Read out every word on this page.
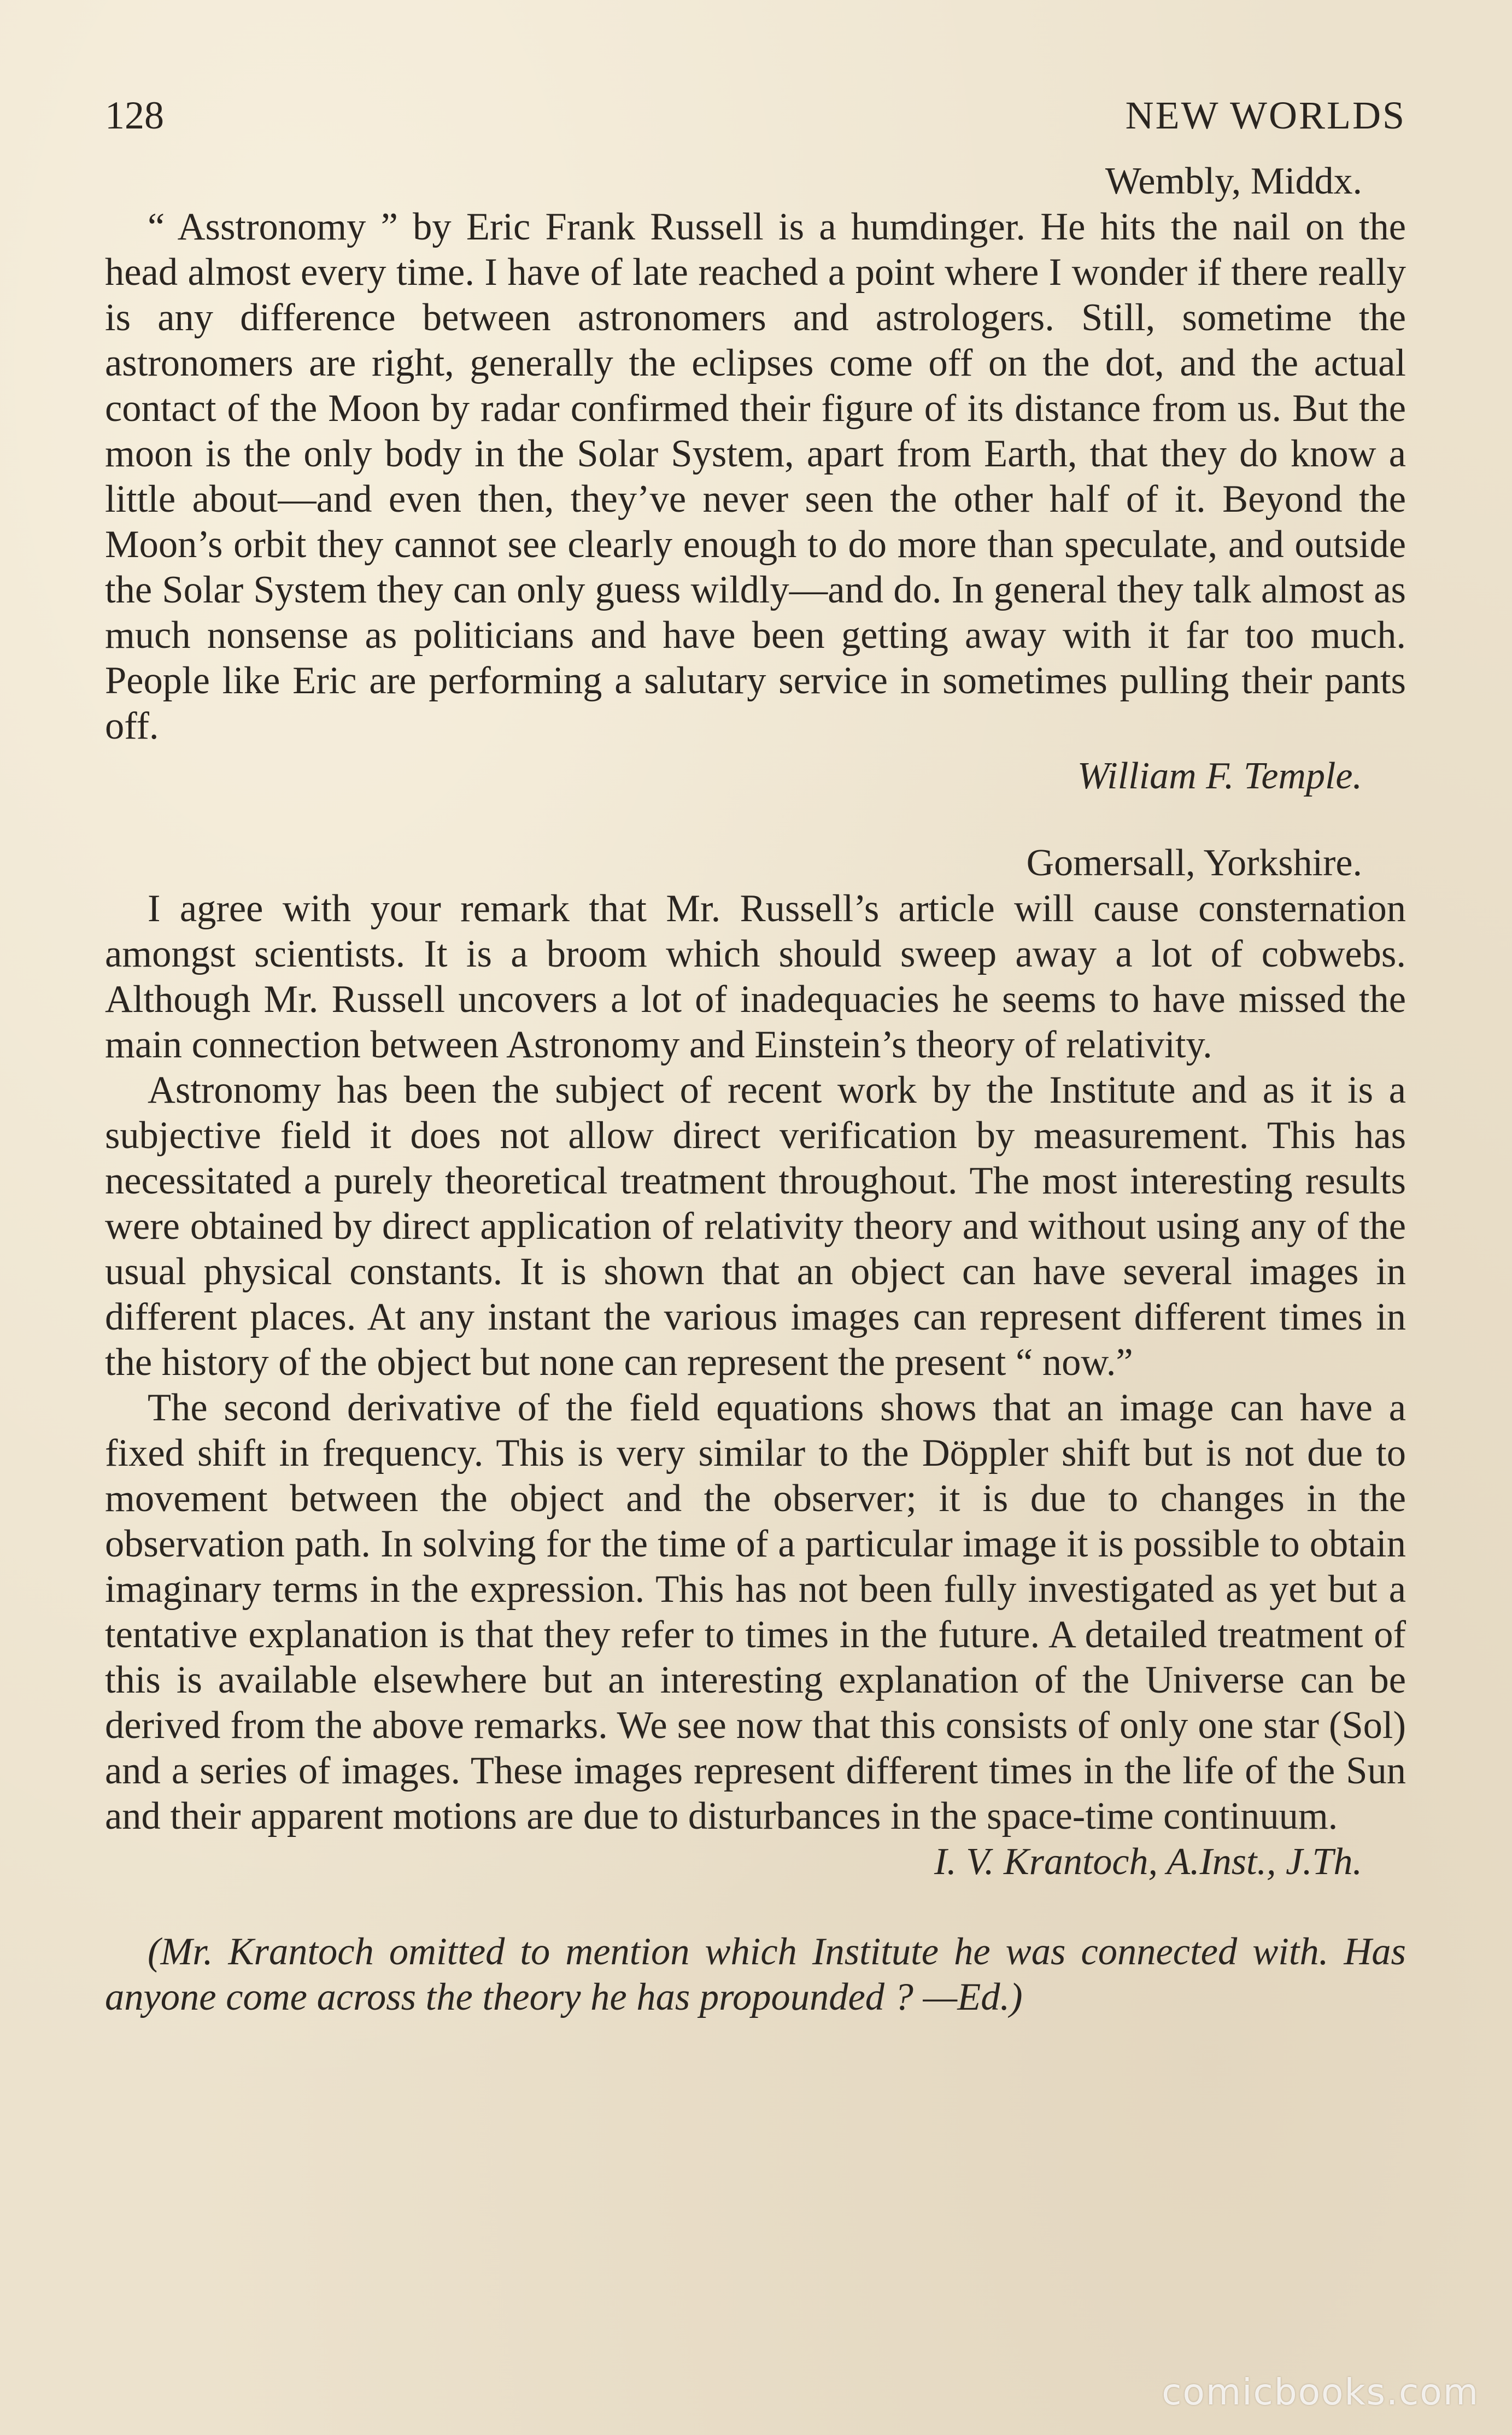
128	NEW WORLDS

Wembly, Middx.

“ Asstronomy ” by Eric Frank Russell is a humdinger. He hits the nail on the head almost every time. I have of late reached a point where I wonder if there really is any difference between astronomers and astrologers. Still, sometime the astronomers are right, generally the eclipses come off on the dot, and the actual contact of the Moon by radar confirmed their figure of its distance from us. But the moon is the only body in the Solar System, apart from Earth, that they do know a little about—and even then, they’ve never seen the other half of it. Beyond the Moon’s orbit they cannot see clearly enough to do more than speculate, and outside the Solar System they can only guess wildly—and do. In general they talk almost as much nonsense as politicians and have been getting away with it far too much. People like Eric are performing a salutary service in sometimes pulling their pants off.

William F. Temple.

Gomersall, Yorkshire.

I agree with your remark that Mr. Russell’s article will cause consternation amongst scientists. It is a broom which should sweep away a lot of cobwebs. Although Mr. Russell uncovers a lot of inadequacies he seems to have missed the main connection between Astronomy and Einstein’s theory of relativity.

Astronomy has been the subject of recent work by the Institute and as it is a subjective field it does not allow direct verification by measurement. This has necessitated a purely theoretical treatment throughout. The most interesting results were obtained by direct application of relativity theory and without using any of the usual physical constants. It is shown that an object can have several images in different places. At any instant the various images can represent different times in the history of the object but none can represent the present “ now.”

The second derivative of the field equations shows that an image can have a fixed shift in frequency. This is very similar to the Döppler shift but is not due to movement between the object and the observer; it is due to changes in the observation path. In solving for the time of a particular image it is possible to obtain imaginary terms in the expression. This has not been fully investigated as yet but a tentative explanation is that they refer to times in the future. A detailed treatment of this is available elsewhere but an interesting explanation of the Universe can be derived from the above remarks. We see now that this consists of only one star (Sol) and a series of images. These images represent different times in the life of the Sun and their apparent motions are due to disturbances in the space-time continuum.

I. V. Krantoch, A.Inst., J.Th.

(Mr. Krantoch omitted to mention which Institute he was connected with. Has anyone come across the theory he has propounded ? —Ed.)

comicbooks.com
